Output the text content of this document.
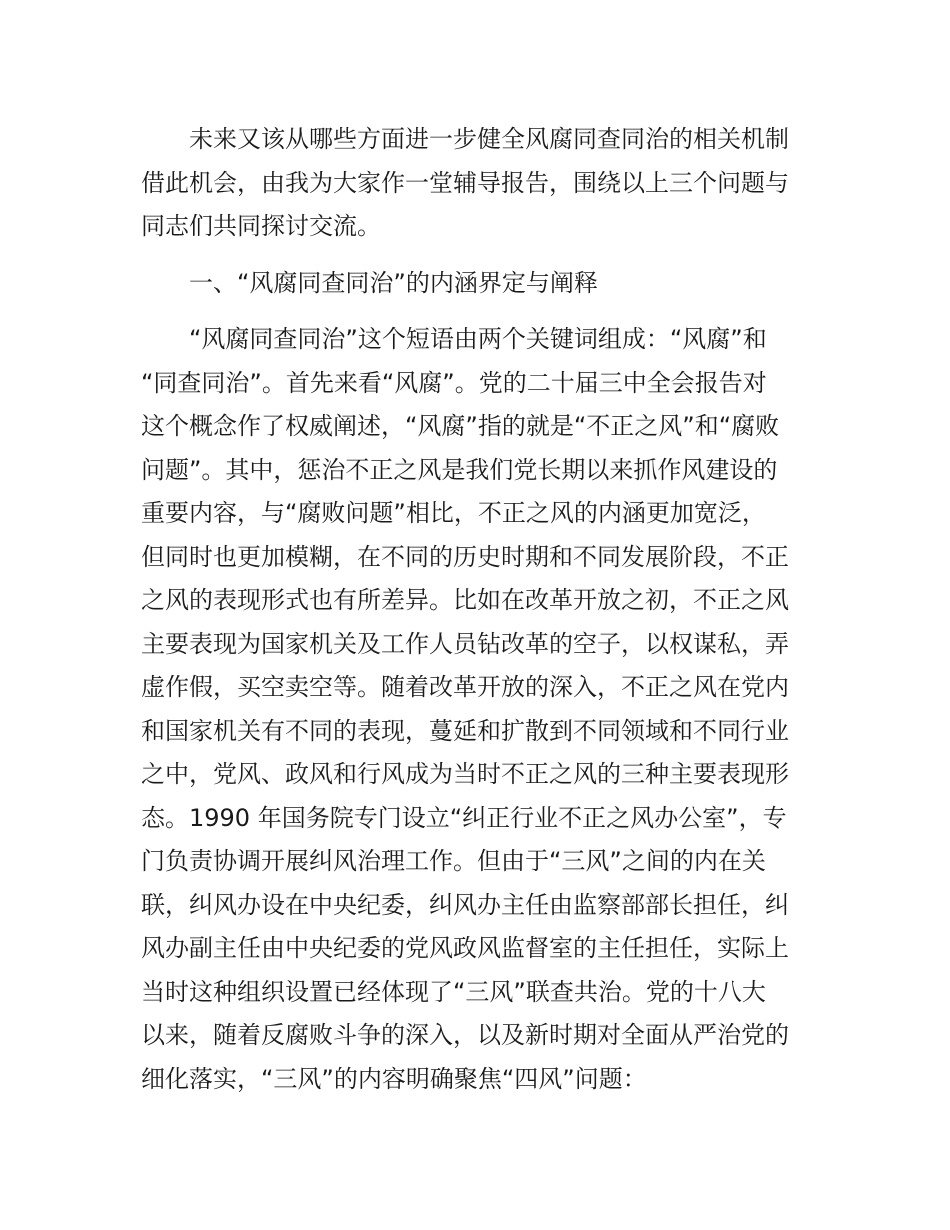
未来又该从哪些方面进一步健全风腐同查同治的相关机制
借此机会，由我为大家作一堂辅导报告，围绕以上三个问题与
同志们共同探讨交流。
一、“风腐同查同治”的内涵界定与阐释
“风腐同查同治”这个短语由两个关键词组成：“风腐”和
“同查同治”。首先来看“风腐”。党的二十届三中全会报告对
这个概念作了权威阐述，“风腐”指的就是“不正之风”和“腐败
问题”。其中，惩治不正之风是我们党长期以来抓作风建设的
重要内容，与“腐败问题”相比，不正之风的内涵更加宽泛，
但同时也更加模糊，在不同的历史时期和不同发展阶段，不正
之风的表现形式也有所差异。比如在改革开放之初，不正之风
主要表现为国家机关及工作人员钻改革的空子，以权谋私，弄
虚作假，买空卖空等。随着改革开放的深入，不正之风在党内
和国家机关有不同的表现，蔓延和扩散到不同领域和不同行业
之中，党风、政风和行风成为当时不正之风的三种主要表现形
态。1990 年国务院专门设立“纠正行业不正之风办公室”，专
门负责协调开展纠风治理工作。但由于“三风”之间的内在关
联，纠风办设在中央纪委，纠风办主任由监察部部长担任，纠
风办副主任由中央纪委的党风政风监督室的主任担任，实际上
当时这种组织设置已经体现了“三风”联查共治。党的十八大
以来，随着反腐败斗争的深入，以及新时期对全面从严治党的
细化落实，“三风”的内容明确聚焦“四风”问题：
